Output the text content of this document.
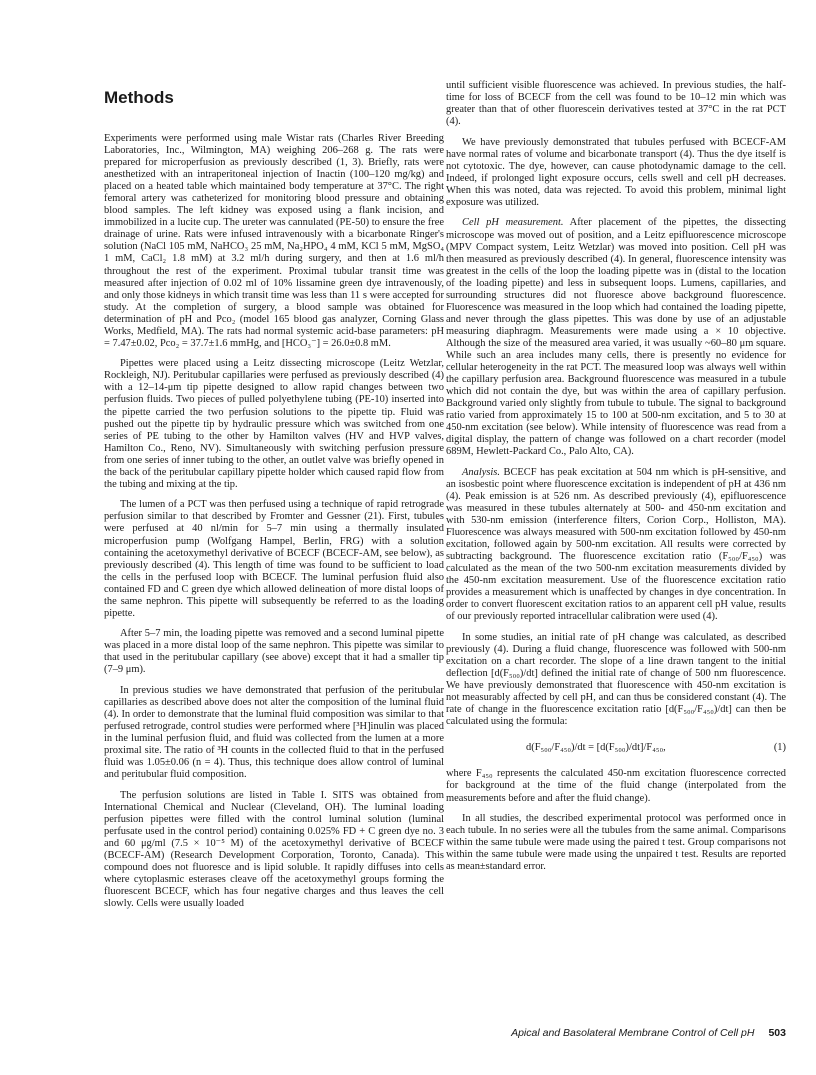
Methods

Experiments were performed using male Wistar rats (Charles River Breeding Laboratories, Inc., Wilmington, MA) weighing 206–268 g. The rats were prepared for microperfusion as previously described (1, 3). Briefly, rats were anesthetized with an intraperitoneal injection of Inactin (100–120 mg/kg) and placed on a heated table which maintained body temperature at 37°C. The right femoral artery was catheterized for monitoring blood pressure and obtaining blood samples. The left kidney was exposed using a flank incision, and immobilized in a lucite cup. The ureter was cannulated (PE-50) to ensure the free drainage of urine. Rats were infused intravenously with a bicarbonate Ringer's solution (NaCl 105 mM, NaHCO₃ 25 mM, Na₂HPO₄ 4 mM, KCl 5 mM, MgSO₄ 1 mM, CaCl₂ 1.8 mM) at 3.2 ml/h during surgery, and then at 1.6 ml/h throughout the rest of the experiment. Proximal tubular transit time was measured after injection of 0.02 ml of 10% lissamine green dye intravenously, and only those kidneys in which transit time was less than 11 s were accepted for study. At the completion of surgery, a blood sample was obtained for determination of pH and Pco₂ (model 165 blood gas analyzer, Corning Glass Works, Medfield, MA). The rats had normal systemic acid-base parameters: pH = 7.47±0.02, Pco₂ = 37.7±1.6 mmHg, and [HCO₃⁻] = 26.0±0.8 mM.

Pipettes were placed using a Leitz dissecting microscope (Leitz Wetzlar, Rockleigh, NJ). Peritubular capillaries were perfused as previously described (4) with a 12–14-μm tip pipette designed to allow rapid changes between two perfusion fluids. Two pieces of pulled polyethylene tubing (PE-10) inserted into the pipette carried the two perfusion solutions to the pipette tip. Fluid was pushed out the pipette tip by hydraulic pressure which was switched from one series of PE tubing to the other by Hamilton valves (HV and HVP valves, Hamilton Co., Reno, NV). Simultaneously with switching perfusion pressure from one series of inner tubing to the other, an outlet valve was briefly opened in the back of the peritubular capillary pipette holder which caused rapid flow from the tubing and mixing at the tip.

The lumen of a PCT was then perfused using a technique of rapid retrograde perfusion similar to that described by Fromter and Gessner (21). First, tubules were perfused at 40 nl/min for 5–7 min using a thermally insulated microperfusion pump (Wolfgang Hampel, Berlin, FRG) with a solution containing the acetoxymethyl derivative of BCECF (BCECF-AM, see below), as previously described (4). This length of time was found to be sufficient to load the cells in the perfused loop with BCECF. The luminal perfusion fluid also contained FD and C green dye which allowed delineation of more distal loops of the same nephron. This pipette will subsequently be referred to as the loading pipette.

After 5–7 min, the loading pipette was removed and a second luminal pipette was placed in a more distal loop of the same nephron. This pipette was similar to that used in the peritubular capillary (see above) except that it had a smaller tip (7–9 μm).

In previous studies we have demonstrated that perfusion of the peritubular capillaries as described above does not alter the composition of the luminal fluid (4). In order to demonstrate that the luminal fluid composition was similar to that perfused retrograde, control studies were performed where [³H]inulin was placed in the luminal perfusion fluid, and fluid was collected from the lumen at a more proximal site. The ratio of ³H counts in the collected fluid to that in the perfused fluid was 1.05±0.06 (n = 4). Thus, this technique does allow control of luminal and peritubular fluid composition.

The perfusion solutions are listed in Table I. SITS was obtained from International Chemical and Nuclear (Cleveland, OH). The luminal loading perfusion pipettes were filled with the control luminal solution (luminal perfusate used in the control period) containing 0.025% FD + C green dye no. 3 and 60 μg/ml (7.5 × 10⁻⁵ M) of the acetoxymethyl derivative of BCECF (BCECF-AM) (Research Development Corporation, Toronto, Canada). This compound does not fluoresce and is lipid soluble. It rapidly diffuses into cells where cytoplasmic esterases cleave off the acetoxymethyl groups forming the fluorescent BCECF, which has four negative charges and thus leaves the cell slowly. Cells were usually loaded

until sufficient visible fluorescence was achieved. In previous studies, the half-time for loss of BCECF from the cell was found to be 10–12 min which was greater than that of other fluorescein derivatives tested at 37°C in the rat PCT (4).

We have previously demonstrated that tubules perfused with BCECF-AM have normal rates of volume and bicarbonate transport (4). Thus the dye itself is not cytotoxic. The dye, however, can cause photodynamic damage to the cell. Indeed, if prolonged light exposure occurs, cells swell and cell pH decreases. When this was noted, data was rejected. To avoid this problem, minimal light exposure was utilized.

Cell pH measurement. After placement of the pipettes, the dissecting microscope was moved out of position, and a Leitz epifluorescence microscope (MPV Compact system, Leitz Wetzlar) was moved into position. Cell pH was then measured as previously described (4). In general, fluorescence intensity was greatest in the cells of the loop the loading pipette was in (distal to the location of the loading pipette) and less in subsequent loops. Lumens, capillaries, and surrounding structures did not fluoresce above background fluorescence. Fluorescence was measured in the loop which had contained the loading pipette, and never through the glass pipettes. This was done by use of an adjustable measuring diaphragm. Measurements were made using a × 10 objective. Although the size of the measured area varied, it was usually ~60–80 μm square. While such an area includes many cells, there is presently no evidence for cellular heterogeneity in the rat PCT. The measured loop was always well within the capillary perfusion area. Background fluorescence was measured in a tubule which did not contain the dye, but was within the area of capillary perfusion. Background varied only slightly from tubule to tubule. The signal to background ratio varied from approximately 15 to 100 at 500-nm excitation, and 5 to 30 at 450-nm excitation (see below). While intensity of fluorescence was read from a digital display, the pattern of change was followed on a chart recorder (model 689M, Hewlett-Packard Co., Palo Alto, CA).

Analysis. BCECF has peak excitation at 504 nm which is pH-sensitive, and an isosbestic point where fluorescence excitation is independent of pH at 436 nm (4). Peak emission is at 526 nm. As described previously (4), epifluorescence was measured in these tubules alternately at 500- and 450-nm excitation and with 530-nm emission (interference filters, Corion Corp., Holliston, MA). Fluorescence was always measured with 500-nm excitation followed by 450-nm excitation, followed again by 500-nm excitation. All results were corrected by subtracting background. The fluorescence excitation ratio (F₅₀₀/F₄₅₀) was calculated as the mean of the two 500-nm excitation measurements divided by the 450-nm excitation measurement. Use of the fluorescence excitation ratio provides a measurement which is unaffected by changes in dye concentration. In order to convert fluorescent excitation ratios to an apparent cell pH value, results of our previously reported intracellular calibration were used (4).

In some studies, an initial rate of pH change was calculated, as described previously (4). During a fluid change, fluorescence was followed with 500-nm excitation on a chart recorder. The slope of a line drawn tangent to the initial deflection [d(F₅₀₀)/dt] defined the initial rate of change of 500 nm fluorescence. We have previously demonstrated that fluorescence with 450-nm excitation is not measurably affected by cell pH, and can thus be considered constant (4). The rate of change in the fluorescence excitation ratio [d(F₅₀₀/F₄₅₀)/dt] can then be calculated using the formula:

d(F₅₀₀/F₄₅₀)/dt = [d(F₅₀₀)/dt]/F₄₅₀,	(1)

where F₄₅₀ represents the calculated 450-nm excitation fluorescence corrected for background at the time of the fluid change (interpolated from the measurements before and after the fluid change).

In all studies, the described experimental protocol was performed once in each tubule. In no series were all the tubules from the same animal. Comparisons within the same tubule were made using the paired t test. Group comparisons not within the same tubule were made using the unpaired t test. Results are reported as mean±standard error.

Apical and Basolateral Membrane Control of Cell pH 503
